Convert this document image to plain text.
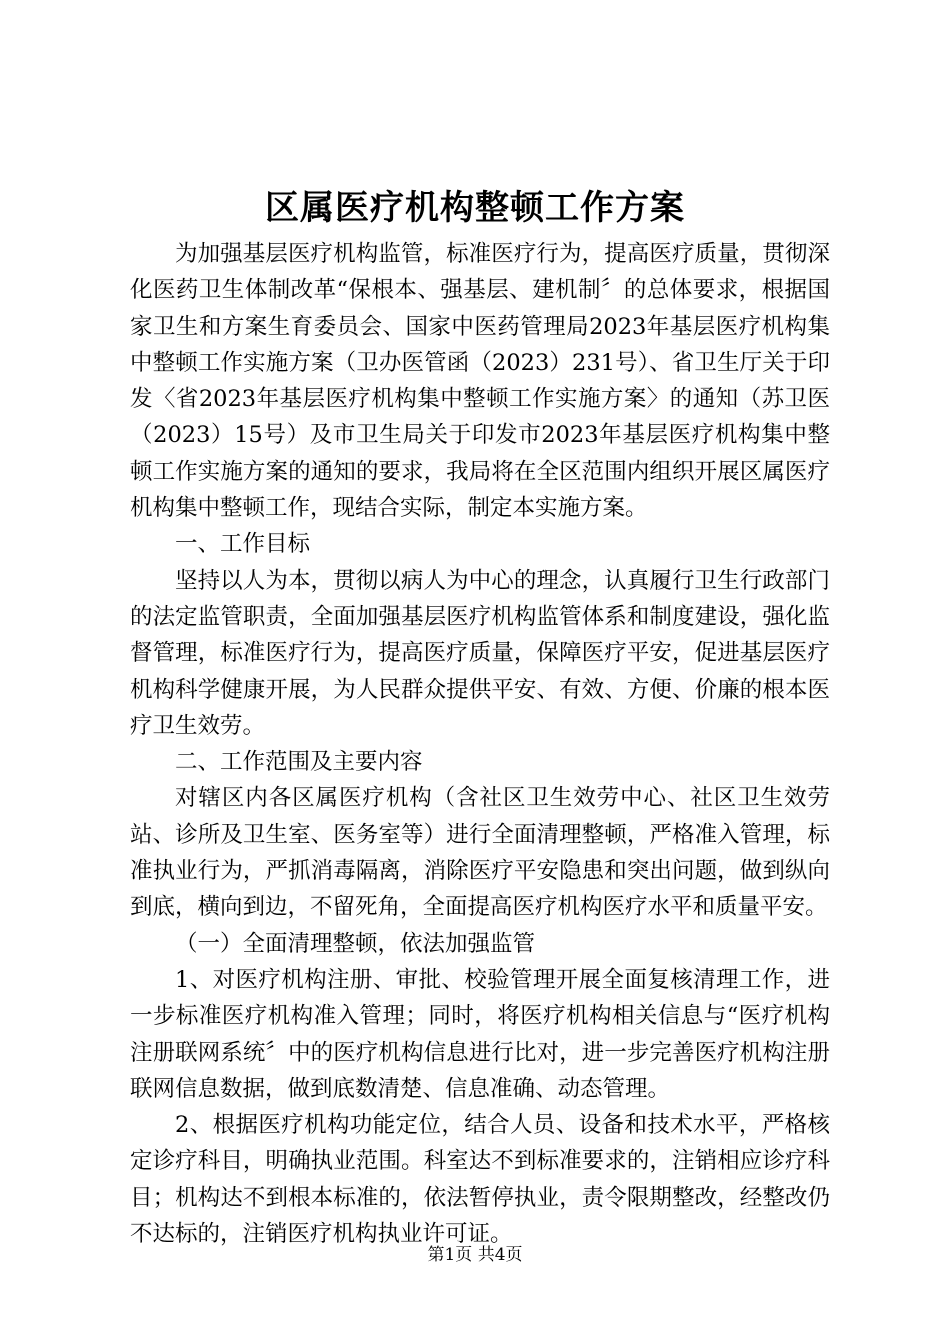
区属医疗机构整顿工作方案

为加强基层医疗机构监管，标准医疗行为，提高医疗质量，贯彻深化医药卫生体制改革“保根本、强基层、建机制〞的总体要求，根据国家卫生和方案生育委员会、国家中医药管理局2023年基层医疗机构集中整顿工作实施方案（卫办医管函（2023）231号）、省卫生厅关于印发〈省2023年基层医疗机构集中整顿工作实施方案〉的通知（苏卫医（2023）15号）及市卫生局关于印发市2023年基层医疗机构集中整顿工作实施方案的通知的要求，我局将在全区范围内组织开展区属医疗机构集中整顿工作，现结合实际，制定本实施方案。

一、工作目标

坚持以人为本，贯彻以病人为中心的理念，认真履行卫生行政部门的法定监管职责，全面加强基层医疗机构监管体系和制度建设，强化监督管理，标准医疗行为，提高医疗质量，保障医疗平安，促进基层医疗机构科学健康开展，为人民群众提供平安、有效、方便、价廉的根本医疗卫生效劳。

二、工作范围及主要内容

对辖区内各区属医疗机构（含社区卫生效劳中心、社区卫生效劳站、诊所及卫生室、医务室等）进行全面清理整顿，严格准入管理，标准执业行为，严抓消毒隔离，消除医疗平安隐患和突出问题，做到纵向到底，横向到边，不留死角，全面提高医疗机构医疗水平和质量平安。

（一）全面清理整顿，依法加强监管

1、对医疗机构注册、审批、校验管理开展全面复核清理工作，进一步标准医疗机构准入管理；同时，将医疗机构相关信息与“医疗机构注册联网系统〞中的医疗机构信息进行比对，进一步完善医疗机构注册联网信息数据，做到底数清楚、信息准确、动态管理。

2、根据医疗机构功能定位，结合人员、设备和技术水平，严格核定诊疗科目，明确执业范围。科室达不到标准要求的，注销相应诊疗科目；机构达不到根本标准的，依法暂停执业，责令限期整改，经整改仍不达标的，注销医疗机构执业许可证。

第1页 共4页
